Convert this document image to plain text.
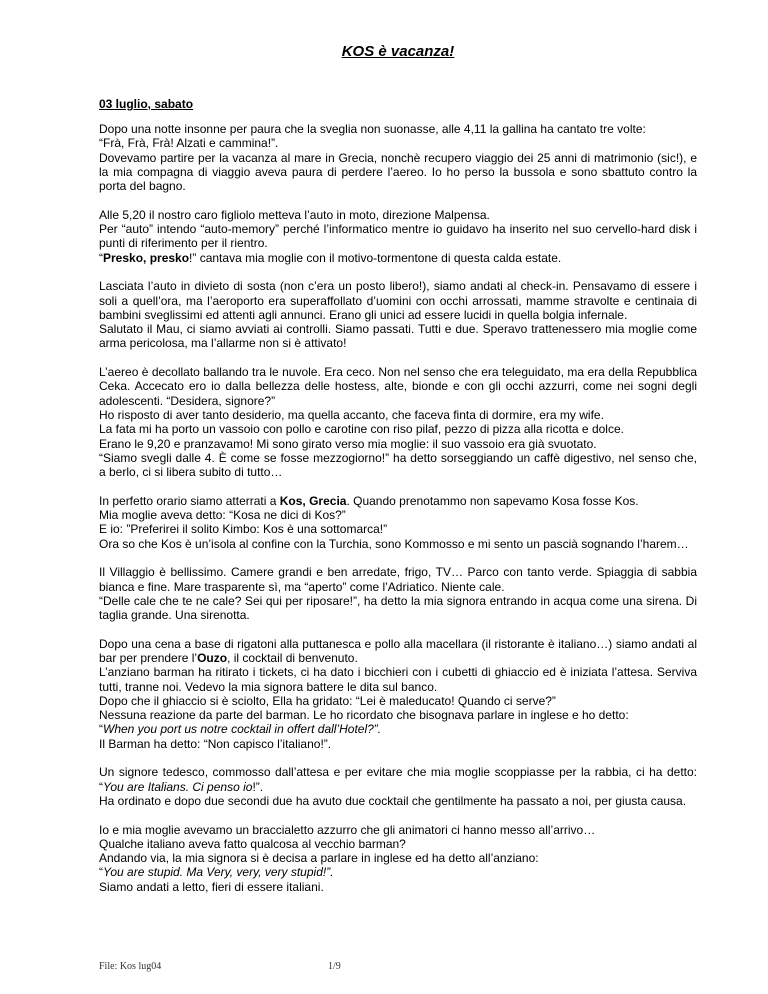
KOS è vacanza!
03 luglio, sabato
Dopo una notte insonne per paura che la sveglia non suonasse, alle 4,11 la gallina ha cantato tre volte:
“Frà, Frà, Frà! Alzati e cammina!”.
Dovevamo partire per la vacanza al mare in Grecia, nonchè recupero viaggio dei 25 anni di matrimonio (sic!), e la mia compagna di viaggio aveva paura di perdere l’aereo. Io ho perso la bussola e sono sbattuto contro la porta del bagno.
Alle 5,20 il nostro caro figliolo metteva l’auto in moto, direzione Malpensa.
Per “auto” intendo “auto-memory” perché l’informatico mentre io guidavo ha inserito nel suo cervello-hard disk i punti di riferimento per il rientro.
“Presko, presko!” cantava mia moglie con il motivo-tormentone di questa calda estate.
Lasciata l’auto in divieto di sosta (non c’era un posto libero!), siamo andati al check-in. Pensavamo di essere i soli a quell’ora, ma l’aeroporto era superaffollato d’uomini con occhi arrossati, mamme stravolte e centinaia di bambini sveglissimi ed attenti agli annunci. Erano gli unici ad essere lucidi in quella bolgia infernale.
Salutato il Mau, ci siamo avviati ai controlli. Siamo passati. Tutti e due. Speravo trattenessero mia moglie come arma pericolosa, ma l’allarme non si è attivato!
L’aereo è decollato ballando tra le nuvole. Era ceco. Non nel senso che era teleguidato, ma era della Repubblica Ceka. Accecato ero io dalla bellezza delle hostess, alte, bionde e con gli occhi azzurri, come nei sogni degli adolescenti. “Desidera, signore?”
Ho risposto di aver tanto desiderio, ma quella accanto, che faceva finta di dormire, era my wife.
La fata mi ha porto un vassoio con pollo e carotine con riso pilaf, pezzo di pizza alla ricotta e dolce.
Erano le 9,20 e pranzavamo! Mi sono girato verso mia moglie: il suo vassoio era già svuotato.
“Siamo svegli dalle 4. È come se fosse mezzogiorno!” ha detto sorseggiando un caffè digestivo, nel senso che, a berlo, ci si libera subito di tutto…
In perfetto orario siamo atterrati a Kos, Grecia. Quando prenotammo non sapevamo Kosa fosse Kos.
Mia moglie aveva detto: “Kosa ne dici di Kos?”
E io: ”Preferirei il solito Kimbo: Kos è una sottomarca!”
Ora so che Kos è un’isola al confine con la Turchia, sono Kommosso e mi sento un pascià sognando l’harem…
Il Villaggio è bellissimo. Camere grandi e ben arredate, frigo, TV… Parco con tanto verde. Spiaggia di sabbia bianca e fine. Mare trasparente sì, ma “aperto” come l’Adriatico. Niente cale.
“Delle cale che te ne cale? Sei qui per riposare!”, ha detto la mia signora entrando in acqua come una sirena. Di taglia grande. Una sirenotta.
Dopo una cena a base di rigatoni alla puttanesca e pollo alla macellara (il ristorante è italiano…) siamo andati al bar per prendere l’Ouzo, il cocktail di benvenuto.
L’anziano barman ha ritirato i tickets, ci ha dato i bicchieri con i cubetti di ghiaccio ed è iniziata l’attesa. Serviva tutti, tranne noi. Vedevo la mia signora battere le dita sul banco.
Dopo che il ghiaccio si è sciolto, Ella ha gridato: “Lei è maleducato! Quando ci serve?”
Nessuna reazione da parte del barman. Le ho ricordato che bisognava parlare in inglese e ho detto:
“When you port us notre cocktail in offert dall’Hotel?”.
Il Barman ha detto: “Non capisco l’italiano!”.
Un signore tedesco, commosso dall’attesa e per evitare che mia moglie scoppiasse per la rabbia, ci ha detto: “You are Italians. Ci penso io!”.
Ha ordinato e dopo due secondi due ha avuto due cocktail che gentilmente ha passato a noi, per giusta causa.
Io e mia moglie avevamo un braccialetto azzurro che gli animatori ci hanno messo all’arrivo…
Qualche italiano aveva fatto qualcosa al vecchio barman?
Andando via, la mia signora si è decisa a parlare in inglese ed ha detto all’anziano:
“You are stupid. Ma Very, very, very stupid!”.
Siamo andati a letto, fieri di essere italiani.
File: Kos lug04	1/9
